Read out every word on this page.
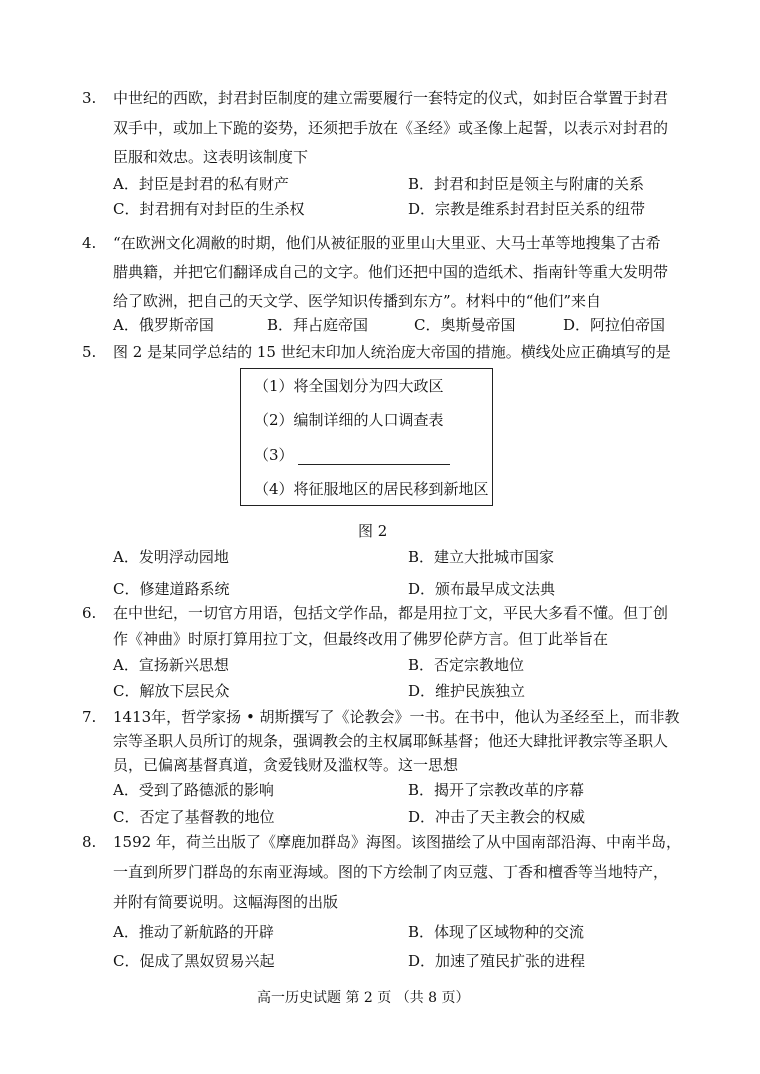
3. 中世纪的西欧，封君封臣制度的建立需要履行一套特定的仪式，如封臣合掌置于封君
双手中，或加上下跪的姿势，还须把手放在《圣经》或圣像上起誓，以表示对封君的
臣服和效忠。这表明该制度下
A．封臣是封君的私有财产	B．封君和封臣是领主与附庸的关系
C．封君拥有对封臣的生杀权	D．宗教是维系封君封臣关系的纽带
4. “在欧洲文化凋敝的时期，他们从被征服的亚里山大里亚、大马士革等地搜集了古希
腊典籍，并把它们翻译成自己的文字。他们还把中国的造纸术、指南针等重大发明带
给了欧洲，把自己的天文学、医学知识传播到东方”。材料中的“他们”来自
A．俄罗斯帝国	B．拜占庭帝国	C．奥斯曼帝国	D．阿拉伯帝国
5. 图 2 是某同学总结的 15 世纪末印加人统治庞大帝国的措施。横线处应正确填写的是
（1）将全国划分为四大政区
（2）编制详细的人口调查表
（3）
（4）将征服地区的居民移到新地区
图 2
A．发明浮动园地	B．建立大批城市国家
C．修建道路系统	D．颁布最早成文法典
6. 在中世纪，一切官方用语，包括文学作品，都是用拉丁文，平民大多看不懂。但丁创
作《神曲》时原打算用拉丁文，但最终改用了佛罗伦萨方言。但丁此举旨在
A．宣扬新兴思想	B．否定宗教地位
C．解放下层民众	D．维护民族独立
7. 1413年，哲学家扬 • 胡斯撰写了《论教会》一书。在书中，他认为圣经至上，而非教
宗等圣职人员所订的规条，强调教会的主权属耶稣基督；他还大肆批评教宗等圣职人
员，已偏离基督真道，贪爱钱财及滥权等。这一思想
A．受到了路德派的影响	B．揭开了宗教改革的序幕
C．否定了基督教的地位	D．冲击了天主教会的权威
8. 1592 年，荷兰出版了《摩鹿加群岛》海图。该图描绘了从中国南部沿海、中南半岛，
一直到所罗门群岛的东南亚海域。图的下方绘制了肉豆蔻、丁香和檀香等当地特产，
并附有简要说明。这幅海图的出版
A．推动了新航路的开辟	B．体现了区域物种的交流
C．促成了黑奴贸易兴起	D．加速了殖民扩张的进程
高一历史试题 第 2 页 （共 8 页）
